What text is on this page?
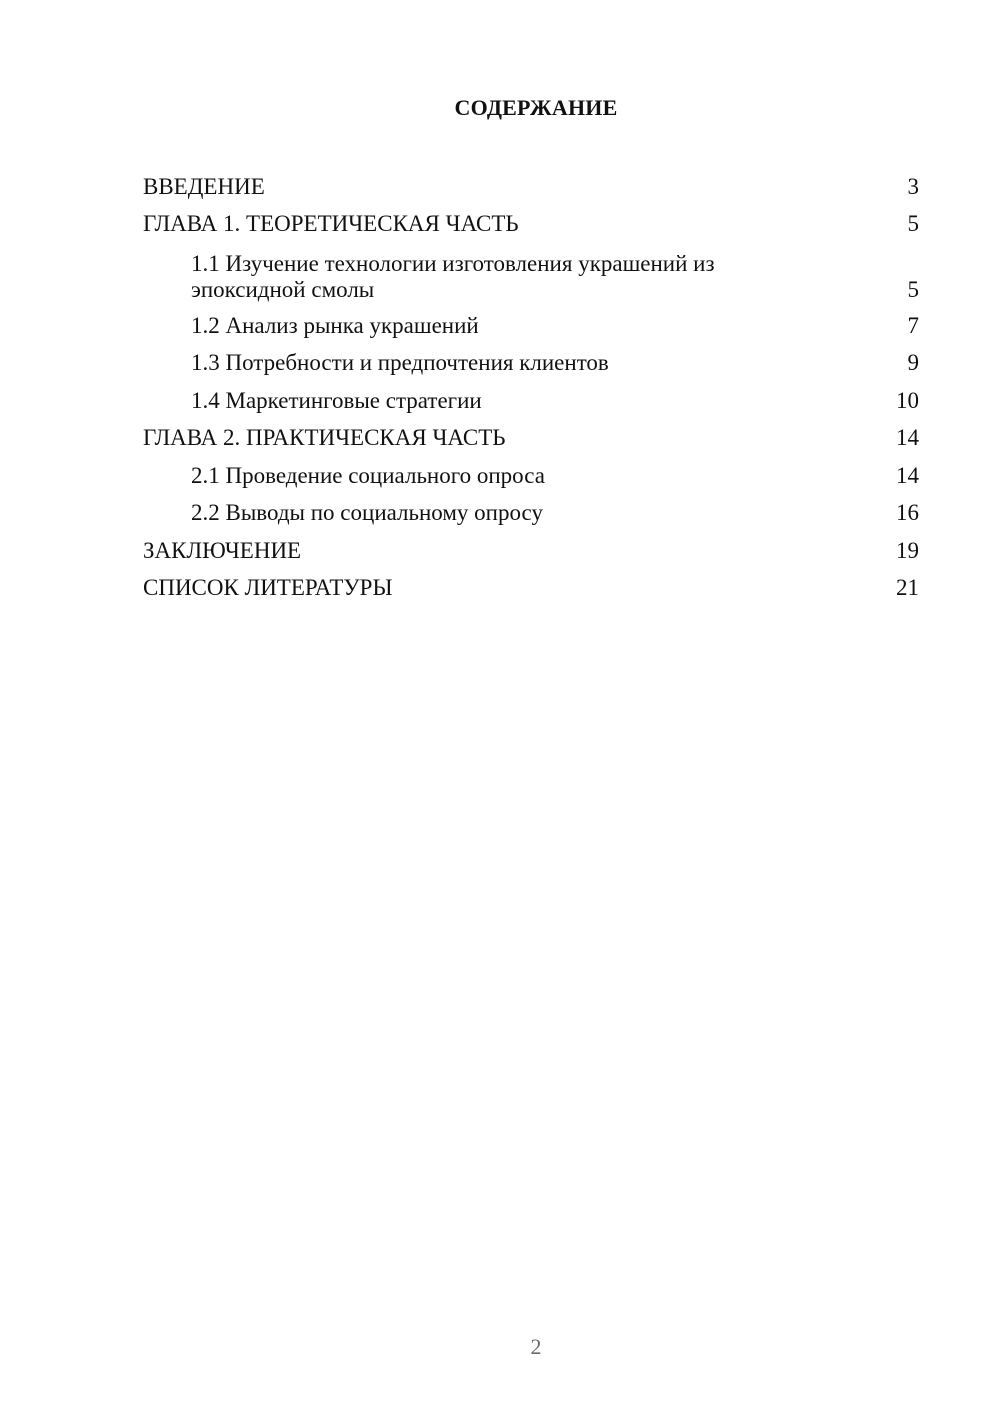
СОДЕРЖАНИЕ
ВВЕДЕНИЕ	3
ГЛАВА 1. ТЕОРЕТИЧЕСКАЯ ЧАСТЬ	5
1.1 Изучение технологии изготовления украшений из
эпоксидной смолы	5
1.2 Анализ рынка украшений	7
1.3 Потребности и предпочтения клиентов	9
1.4 Маркетинговые стратегии	10
ГЛАВА 2. ПРАКТИЧЕСКАЯ ЧАСТЬ	14
2.1 Проведение социального опроса	14
2.2 Выводы по социальному опросу	16
ЗАКЛЮЧЕНИЕ	19
СПИСОК ЛИТЕРАТУРЫ	21
2
